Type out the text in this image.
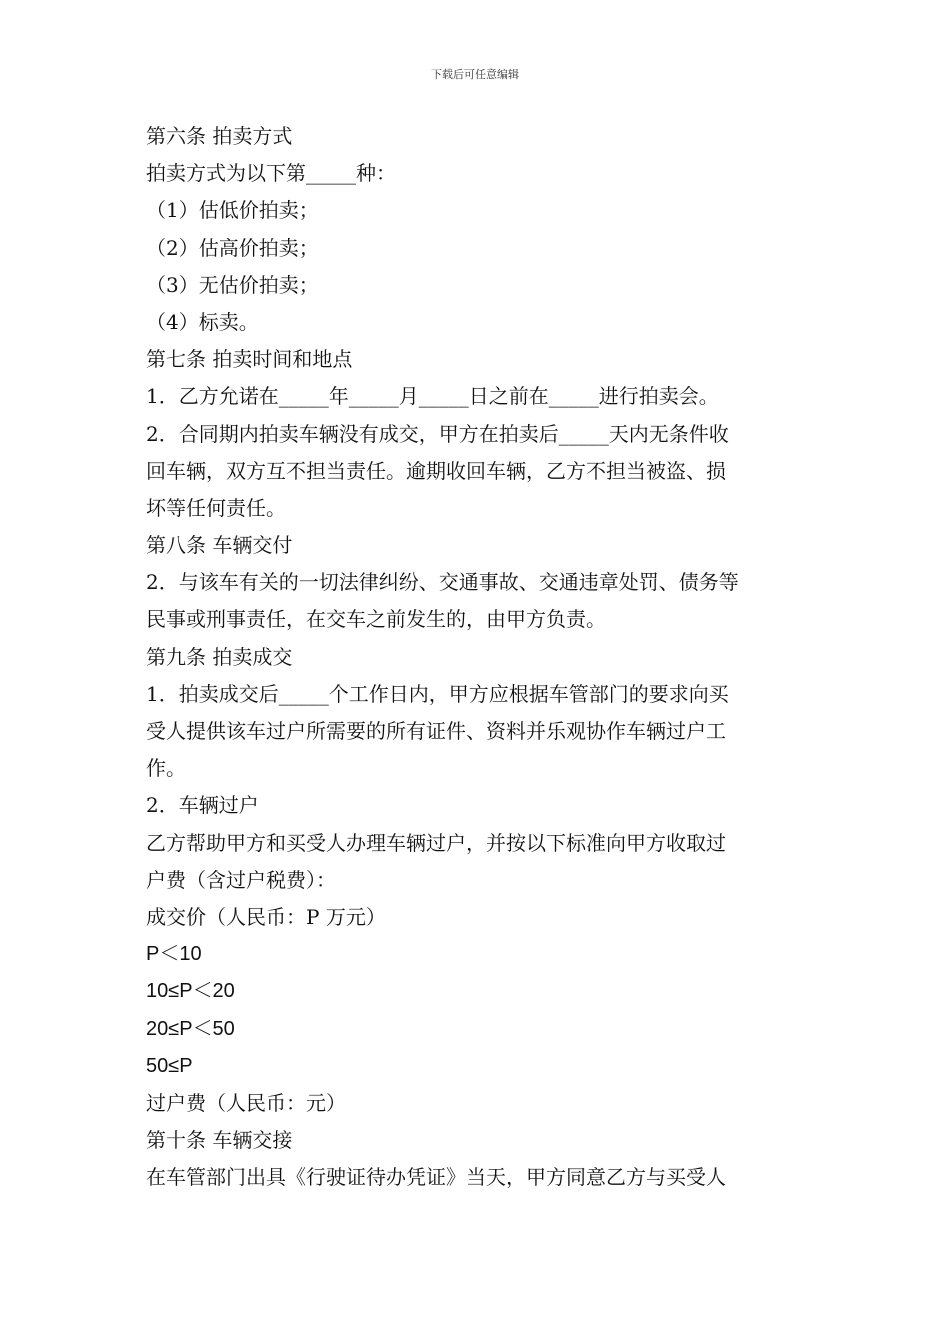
下载后可任意编辑
第六条 拍卖方式
拍卖方式为以下第_____种：
（1）估低价拍卖；
（2）估高价拍卖；
（3）无估价拍卖；
（4）标卖。
第七条 拍卖时间和地点
1．乙方允诺在_____年_____月_____日之前在_____进行拍卖会。
2．合同期内拍卖车辆没有成交，甲方在拍卖后_____天内无条件收
回车辆，双方互不担当责任。逾期收回车辆，乙方不担当被盗、损
坏等任何责任。
第八条 车辆交付
2．与该车有关的一切法律纠纷、交通事故、交通违章处罚、债务等
民事或刑事责任，在交车之前发生的，由甲方负责。
第九条 拍卖成交
1．拍卖成交后_____个工作日内，甲方应根据车管部门的要求向买
受人提供该车过户所需要的所有证件、资料并乐观协作车辆过户工
作。
2．车辆过户
乙方帮助甲方和买受人办理车辆过户，并按以下标准向甲方收取过
户费（含过户税费）：
成交价（人民币：P 万元）
P＜10
10≤P＜20
20≤P＜50
50≤P
过户费（人民币：元）
第十条 车辆交接
在车管部门出具《行驶证待办凭证》当天，甲方同意乙方与买受人
